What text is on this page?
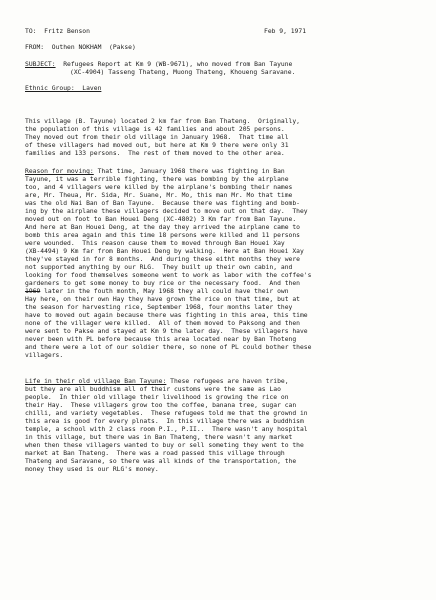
TO: Fritz Benson	Feb 9, 1971
FROM: Outhen NOKHAM  (Pakse)
SUBJECT: Refugees Report at Km 9 (WB-9671), who moved from Ban Tayune
(XC-4904) Tasseng Thateng, Muong Thateng, Khoueng Saravane.
Ethnic Group:  Laven
This village (B. Tayune) located 2 km far from Ban Thateng.  Originally,
the population of this village is 42 families and about 205 persons.
They moved out from their old village in January 1968.  That time all
of these villagers had moved out, but here at Km 9 there were only 31
families and 133 persons.  The rest of them moved to the other area.
Reason for moving: That time, January 1968 there was fighting in Ban
Tayune, it was a terrible fighting, there was bombing by the airplane
too, and 4 villagers were killed by the airplane's bombing their names
are, Mr. Theua, Mr. Sida, Mr. Suane, Mr. Mo, this man Mr. Mo that time
was the old Nai Ban of Ban Tayune.  Because there was fighting and bomb-
ing by the airplane these villagers decided to move out on that day.  They
moved out on foot to Ban Houei Deng (XC-4802) 3 Km far from Ban Tayune.
And here at Ban Houei Deng, at the day they arrived the airplane came to
bomb this area again and this time 18 persons were killed and 11 persons
were wounded.  This reason cause them to moved through Ban Houei Xay
(XB-4494) 9 Km far from Ban Houei Deng by walking.  Here at Ban Houei Xay
they've stayed in for 8 months.  And during these eitht months they were
not supported anything by our RLG.  They built up their own cabin, and
looking for food themselves someone went to work as labor with the coffee's
gardeners to get some money to buy rice or the necessary food.  And then
1969 later in the fouth month, May 1968 they all could have their own
Hay here, on their own Hay they have grown the rice on that time, but at
the season for harvesting rice, September 1968, four months later they
have to moved out again because there was fighting in this area, this time
none of the villager were killed.  All of them moved to Paksong and then
were sent to Pakse and stayed at Km 9 the later day.  These villagers have
never been with PL before because this area located near by Ban Thoteng
and there were a lot of our soldier there, so none of PL could bother these
villagers.
Life in their old village Ban Tayune: These refugees are haven tribe,
but they are all buddhism all of their customs were the same as Lao
people.  In thier old village their livelihood is growing the rice on
their Hay.  These villagers grow too the coffee, banana tree, sugar can
chilli, and variety vegetables.  These refugees told me that the grownd in
this area is good for every plnats.  In this village there was a buddhism
temple, a school with 2 class room P.I., P.II..  There wasn't any hospital
in this village, but there was in Ban Thateng, there wasn't any market
when then these villagers wanted to buy or sell someting they went to the
market at Ban Thateng.  There was a road passed this village through
Thateng and Saravane, so there was all kinds of the transportation, the
money they used is our RLG's money.
